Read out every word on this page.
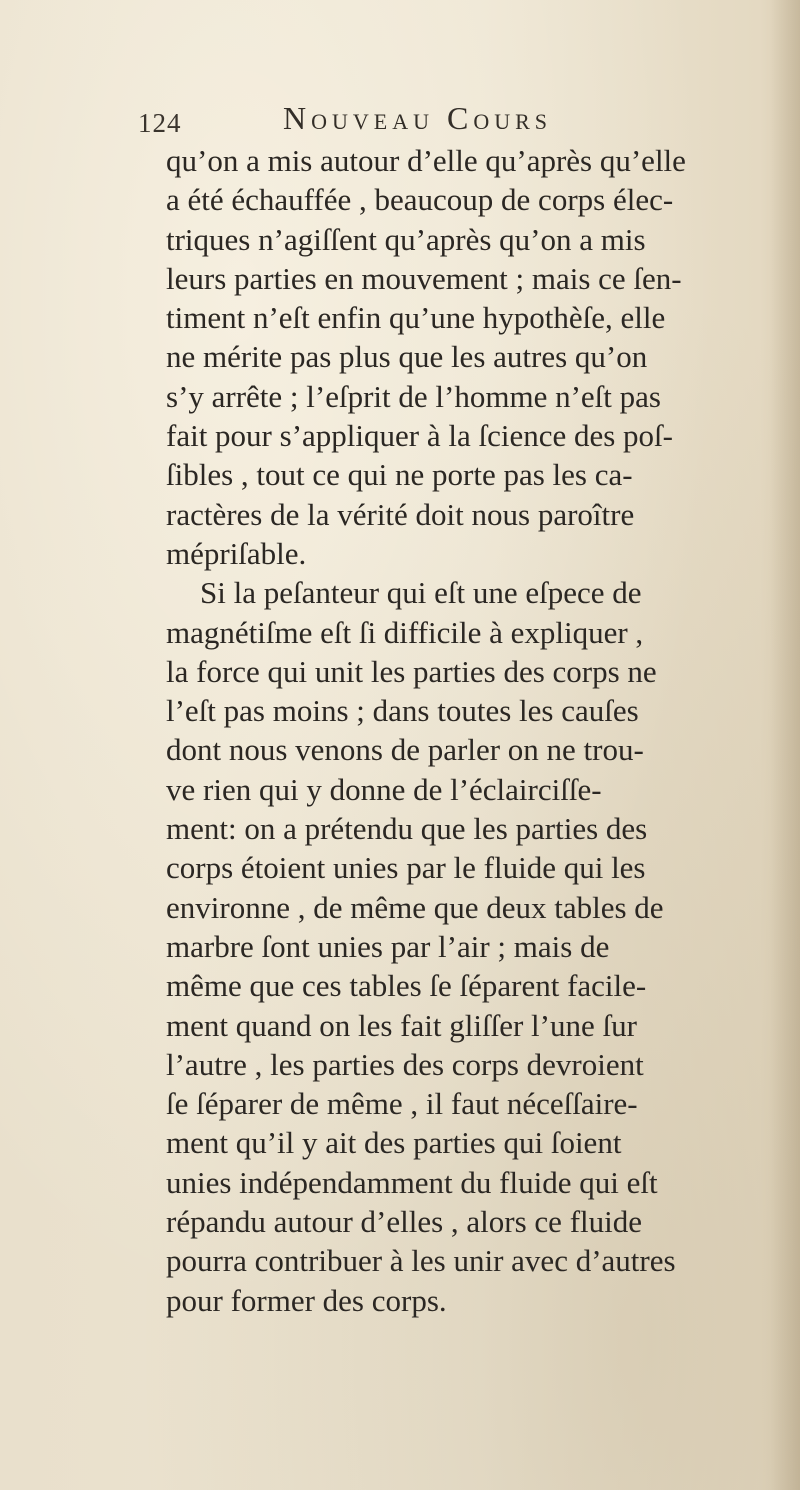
124	Nouveau Cours
qu’on a mis autour d’elle qu’après qu’elle
a été échauffée , beaucoup de corps élec-
triques n’agiſſent qu’après qu’on a mis
leurs parties en mouvement ; mais ce ſen-
timent n’eſt enfin qu’une hypothèſe, elle
ne mérite pas plus que les autres qu’on
s’y arrête ; l’eſprit de l’homme n’eſt pas
fait pour s’appliquer à la ſcience des poſ-
ſibles , tout ce qui ne porte pas les ca-
ractères de la vérité doit nous paroître
mépriſable.
Si la peſanteur qui eſt une eſpece de
magnétiſme eſt ſi difficile à expliquer ,
la force qui unit les parties des corps ne
l’eſt pas moins ; dans toutes les cauſes
dont nous venons de parler on ne trou-
ve rien qui y donne de l’éclairciſſe-
ment: on a prétendu que les parties des
corps étoient unies par le fluide qui les
environne , de même que deux tables de
marbre ſont unies par l’air ; mais de
même que ces tables ſe ſéparent facile-
ment quand on les fait gliſſer l’une ſur
l’autre , les parties des corps devroient
ſe ſéparer de même , il faut néceſſaire-
ment qu’il y ait des parties qui ſoient
unies indépendamment du fluide qui eſt
répandu autour d’elles , alors ce fluide
pourra contribuer à les unir avec d’autres
pour former des corps.
